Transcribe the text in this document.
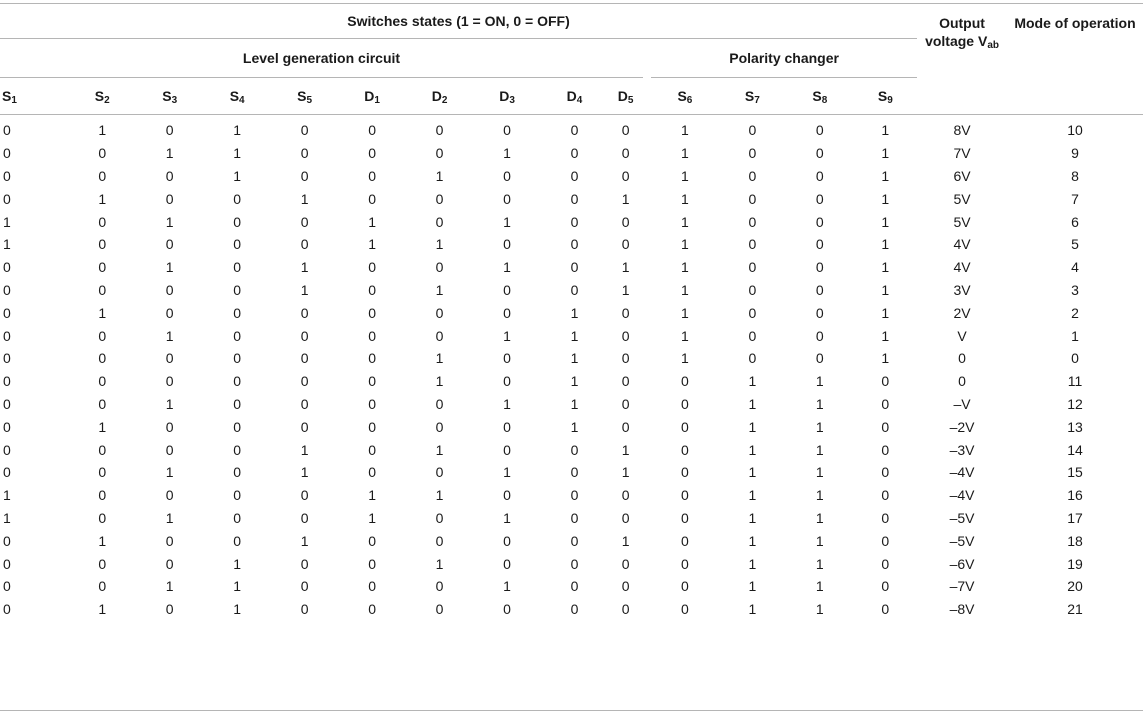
Switches states (1 = ON, 0 = OFF)															Output voltage $V_{ab}$	Mode of operation
Level generation circuit											Polarity changer					
$S_1$	$S_2$	$S_3$	$S_4$	$S_5$	$D_1$	$D_2$	$D_3$	$D_4$	$D_5$		$S_6$	$S_7$	$S_8$	$S_9$
0	1	0	1	0	0	0	0	0	0		1	0	0	1	8V	10
0	0	1	1	0	0	0	1	0	0		1	0	0	1	7V	9
0	0	0	1	0	0	1	0	0	0		1	0	0	1	6V	8
0	1	0	0	1	0	0	0	0	1		1	0	0	1	5V	7
1	0	1	0	0	1	0	1	0	0		1	0	0	1	5V	6
1	0	0	0	0	1	1	0	0	0		1	0	0	1	4V	5
0	0	1	0	1	0	0	1	0	1		1	0	0	1	4V	4
0	0	0	0	1	0	1	0	0	1		1	0	0	1	3V	3
0	1	0	0	0	0	0	0	1	0		1	0	0	1	2V	2
0	0	1	0	0	0	0	1	1	0		1	0	0	1	V	1
0	0	0	0	0	0	1	0	1	0		1	0	0	1	0	0
0	0	0	0	0	0	1	0	1	0		0	1	1	0	0	11
0	0	1	0	0	0	0	1	1	0		0	1	1	0	–V	12
0	1	0	0	0	0	0	0	1	0		0	1	1	0	–2V	13
0	0	0	0	1	0	1	0	0	1		0	1	1	0	–3V	14
0	0	1	0	1	0	0	1	0	1		0	1	1	0	–4V	15
1	0	0	0	0	1	1	0	0	0		0	1	1	0	–4V	16
1	0	1	0	0	1	0	1	0	0		0	1	1	0	–5V	17
0	1	0	0	1	0	0	0	0	1		0	1	1	0	–5V	18
0	0	0	1	0	0	1	0	0	0		0	1	1	0	–6V	19
0	0	1	1	0	0	0	1	0	0		0	1	1	0	–7V	20
0	1	0	1	0	0	0	0	0	0		0	1	1	0	–8V	21
